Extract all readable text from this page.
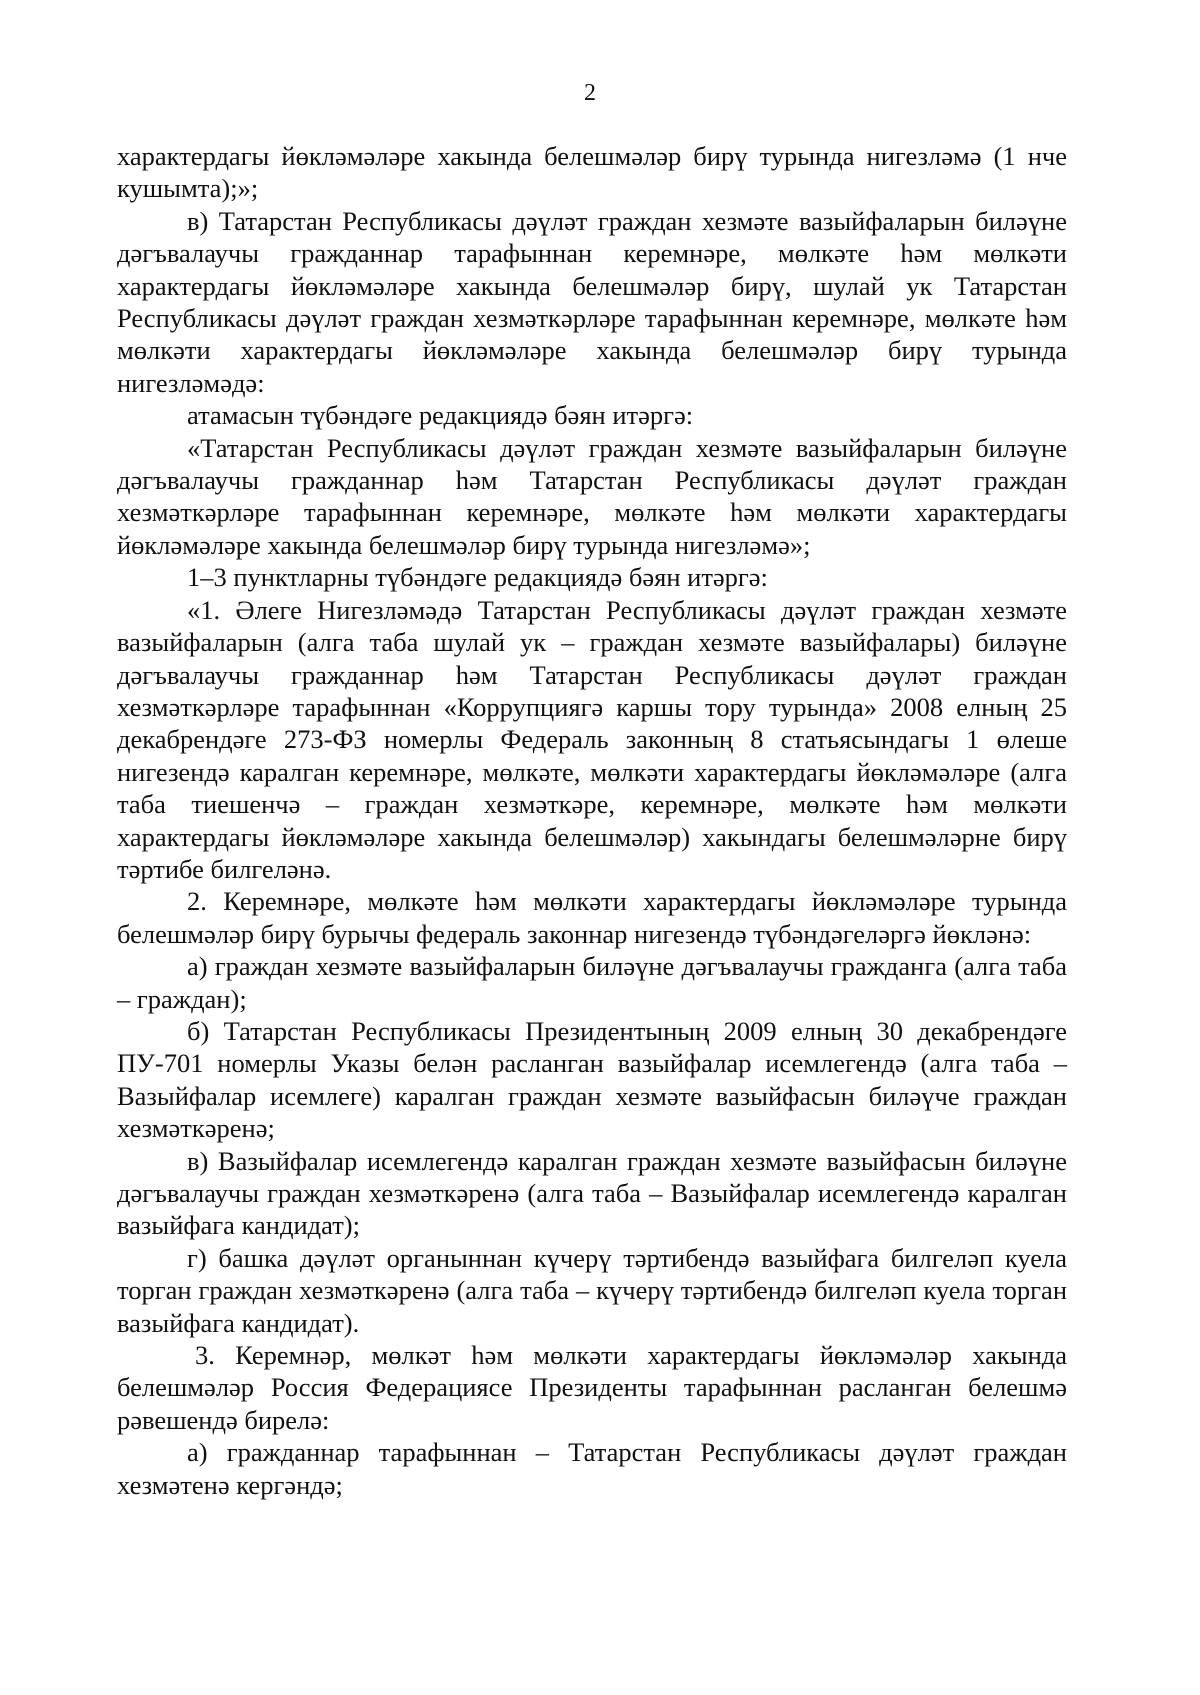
2

характердагы йөкләмәләре хакында белешмәләр бирү турында нигезләмә (1 нче кушымта);»;

в) Татарстан Республикасы дәүләт граждан хезмәте вазыйфаларын биләүне дәгъвалаучы гражданнар тарафыннан керемнәре, мөлкәте һәм мөлкәти характердагы йөкләмәләре хакында белешмәләр бирү, шулай ук Татарстан Республикасы дәүләт граждан хезмәткәрләре тарафыннан керемнәре, мөлкәте һәм мөлкәти характердагы йөкләмәләре хакында белешмәләр бирү турында нигезләмәдә:

атамасын түбәндәге редакциядә бәян итәргә:

«Татарстан Республикасы дәүләт граждан хезмәте вазыйфаларын биләүне дәгъвалаучы гражданнар һәм Татарстан Республикасы дәүләт граждан хезмәткәрләре тарафыннан керемнәре, мөлкәте һәм мөлкәти характердагы йөкләмәләре хакында белешмәләр бирү турында нигезләмә»;

1–3 пунктларны түбәндәге редакциядә бәян итәргә:

«1. Әлеге Нигезләмәдә Татарстан Республикасы дәүләт граждан хезмәте вазыйфаларын (алга таба шулай ук – граждан хезмәте вазыйфалары) биләүне дәгъвалаучы гражданнар һәм Татарстан Республикасы дәүләт граждан хезмәткәрләре тарафыннан «Коррупциягә каршы тору турында» 2008 елның 25 декабрендәге 273-ФЗ номерлы Федераль законның 8 статьясындагы 1 өлеше нигезендә каралган керемнәре, мөлкәте, мөлкәти характердагы йөкләмәләре (алга таба тиешенчә – граждан хезмәткәре, керемнәре, мөлкәте һәм мөлкәти характердагы йөкләмәләре хакында белешмәләр) хакындагы белешмәләрне бирү тәртибе билгеләнә.

2. Керемнәре, мөлкәте һәм мөлкәти характердагы йөкләмәләре турында белешмәләр бирү бурычы федераль законнар нигезендә түбәндәгеләргә йөкләнә:

а) граждан хезмәте вазыйфаларын биләүне дәгъвалаучы гражданга (алга таба – граждан);

б) Татарстан Республикасы Президентының 2009 елның 30 декабрендәге ПУ-701 номерлы Указы белән расланган вазыйфалар исемлегендә (алга таба – Вазыйфалар исемлеге) каралган граждан хезмәте вазыйфасын биләүче граждан хезмәткәренә;

в) Вазыйфалар исемлегендә каралган граждан хезмәте вазыйфасын биләүне дәгъвалаучы граждан хезмәткәренә (алга таба – Вазыйфалар исемлегендә каралган вазыйфага кандидат);

г) башка дәүләт органыннан күчерү тәртибендә вазыйфага билгеләп куела торган граждан хезмәткәренә (алга таба – күчерү тәртибендә билгеләп куела торган вазыйфага кандидат).

3. Керемнәр, мөлкәт һәм мөлкәти характердагы йөкләмәләр хакында белешмәләр Россия Федерациясе Президенты тарафыннан расланган белешмә рәвешендә бирелә:

а) гражданнар тарафыннан – Татарстан Республикасы дәүләт граждан хезмәтенә кергәндә;
